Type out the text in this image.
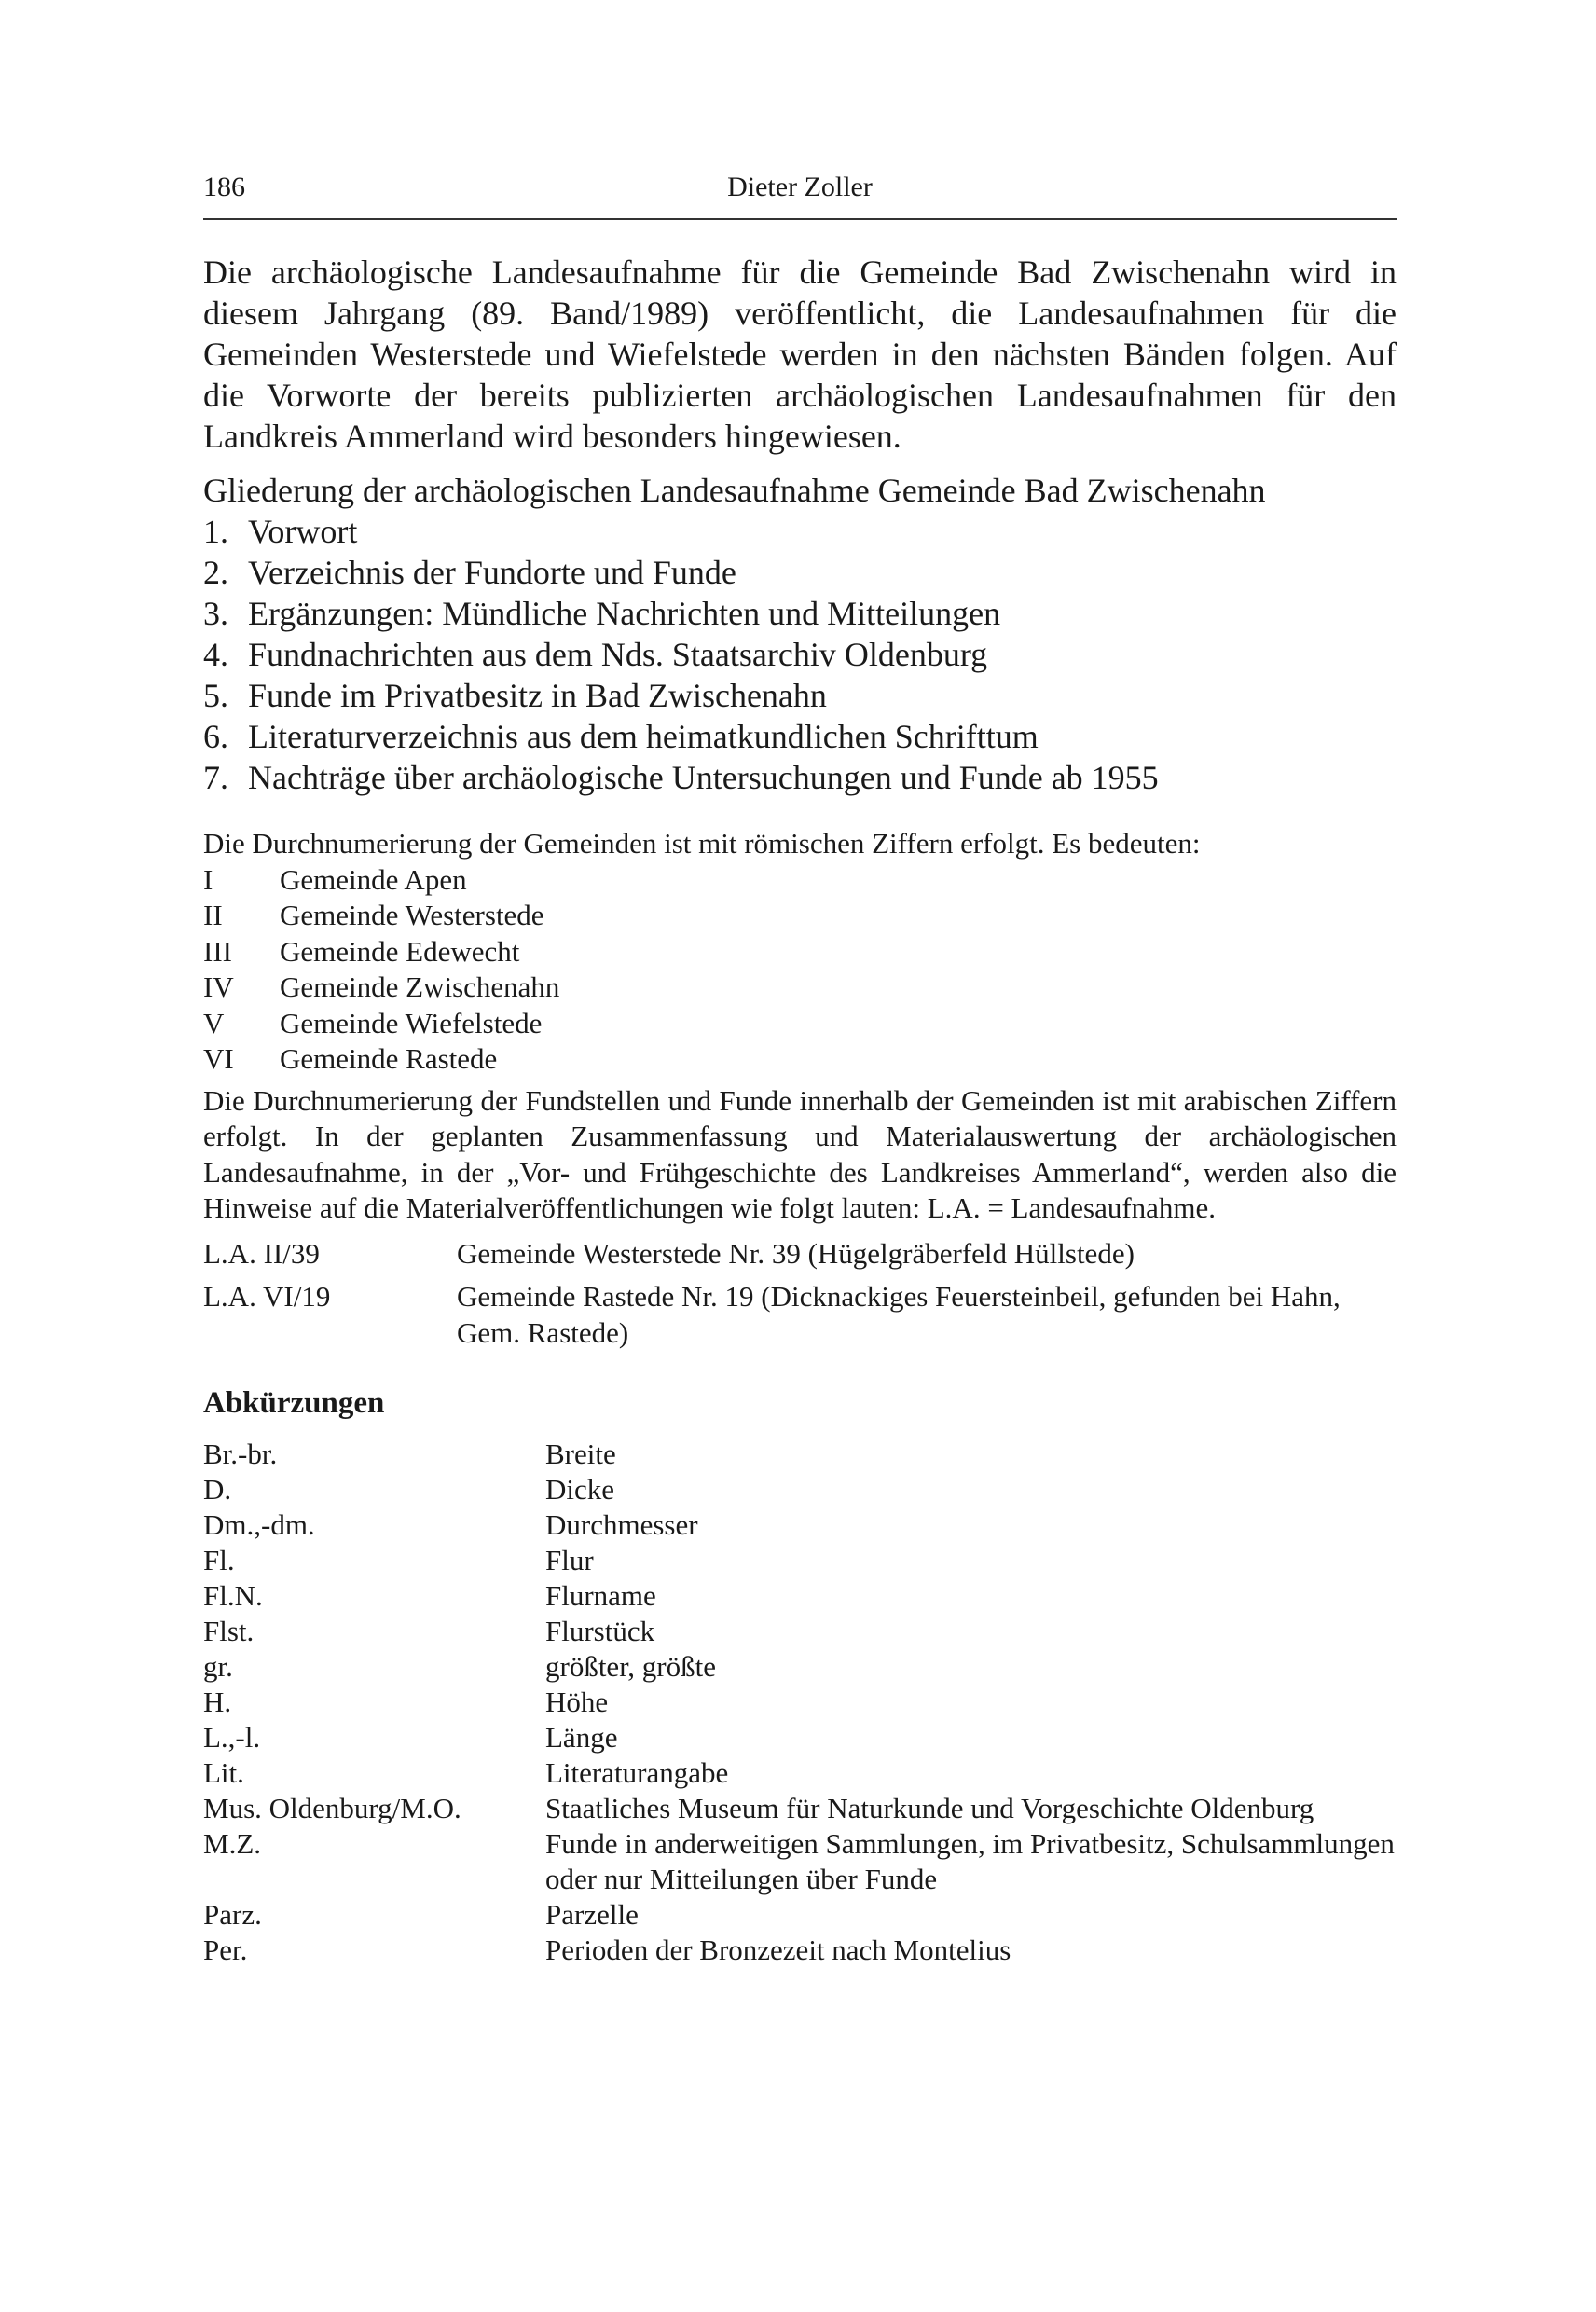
186	Dieter Zoller

Die archäologische Landesaufnahme für die Gemeinde Bad Zwischenahn wird in diesem Jahrgang (89. Band/1989) veröffentlicht, die Landesaufnahmen für die Gemeinden Westerstede und Wiefelstede werden in den nächsten Bänden folgen. Auf die Vorworte der bereits publizierten archäologischen Landesaufnahmen für den Landkreis Ammerland wird besonders hingewiesen.

Gliederung der archäologischen Landesaufnahme Gemeinde Bad Zwischenahn

1. Vorwort
2. Verzeichnis der Fundorte und Funde
3. Ergänzungen: Mündliche Nachrichten und Mitteilungen
4. Fundnachrichten aus dem Nds. Staatsarchiv Oldenburg
5. Funde im Privatbesitz in Bad Zwischenahn
6. Literaturverzeichnis aus dem heimatkundlichen Schrifttum
7. Nachträge über archäologische Untersuchungen und Funde ab 1955

Die Durchnumerierung der Gemeinden ist mit römischen Ziffern erfolgt. Es bedeuten:

I	Gemeinde Apen
II	Gemeinde Westerstede
III	Gemeinde Edewecht
IV	Gemeinde Zwischenahn
V	Gemeinde Wiefelstede
VI	Gemeinde Rastede

Die Durchnumerierung der Fundstellen und Funde innerhalb der Gemeinden ist mit arabischen Ziffern erfolgt. In der geplanten Zusammenfassung und Materialauswertung der archäologischen Landesaufnahme, in der „Vor- und Frühgeschichte des Landkreises Ammerland“, werden also die Hinweise auf die Materialveröffentlichungen wie folgt lauten: L.A. = Landesaufnahme.

L.A. II/39	Gemeinde Westerstede Nr. 39 (Hügelgräberfeld Hüllstede)
L.A. VI/19	Gemeinde Rastede Nr. 19 (Dicknackiges Feuersteinbeil, gefunden bei Hahn, Gem. Rastede)
Abkürzungen
Br.-br.	Breite
D.	Dicke
Dm.,-dm.	Durchmesser
Fl.	Flur
Fl.N.	Flurname
Flst.	Flurstück
gr.	größter, größte
H.	Höhe
L.,-l.	Länge
Lit.	Literaturangabe
Mus. Oldenburg/M.O.	Staatliches Museum für Naturkunde und Vorgeschichte Oldenburg
M.Z.	Funde in anderweitigen Sammlungen, im Privatbesitz, Schulsammlungen oder nur Mitteilungen über Funde
Parz.	Parzelle
Per.	Perioden der Bronzezeit nach Montelius
